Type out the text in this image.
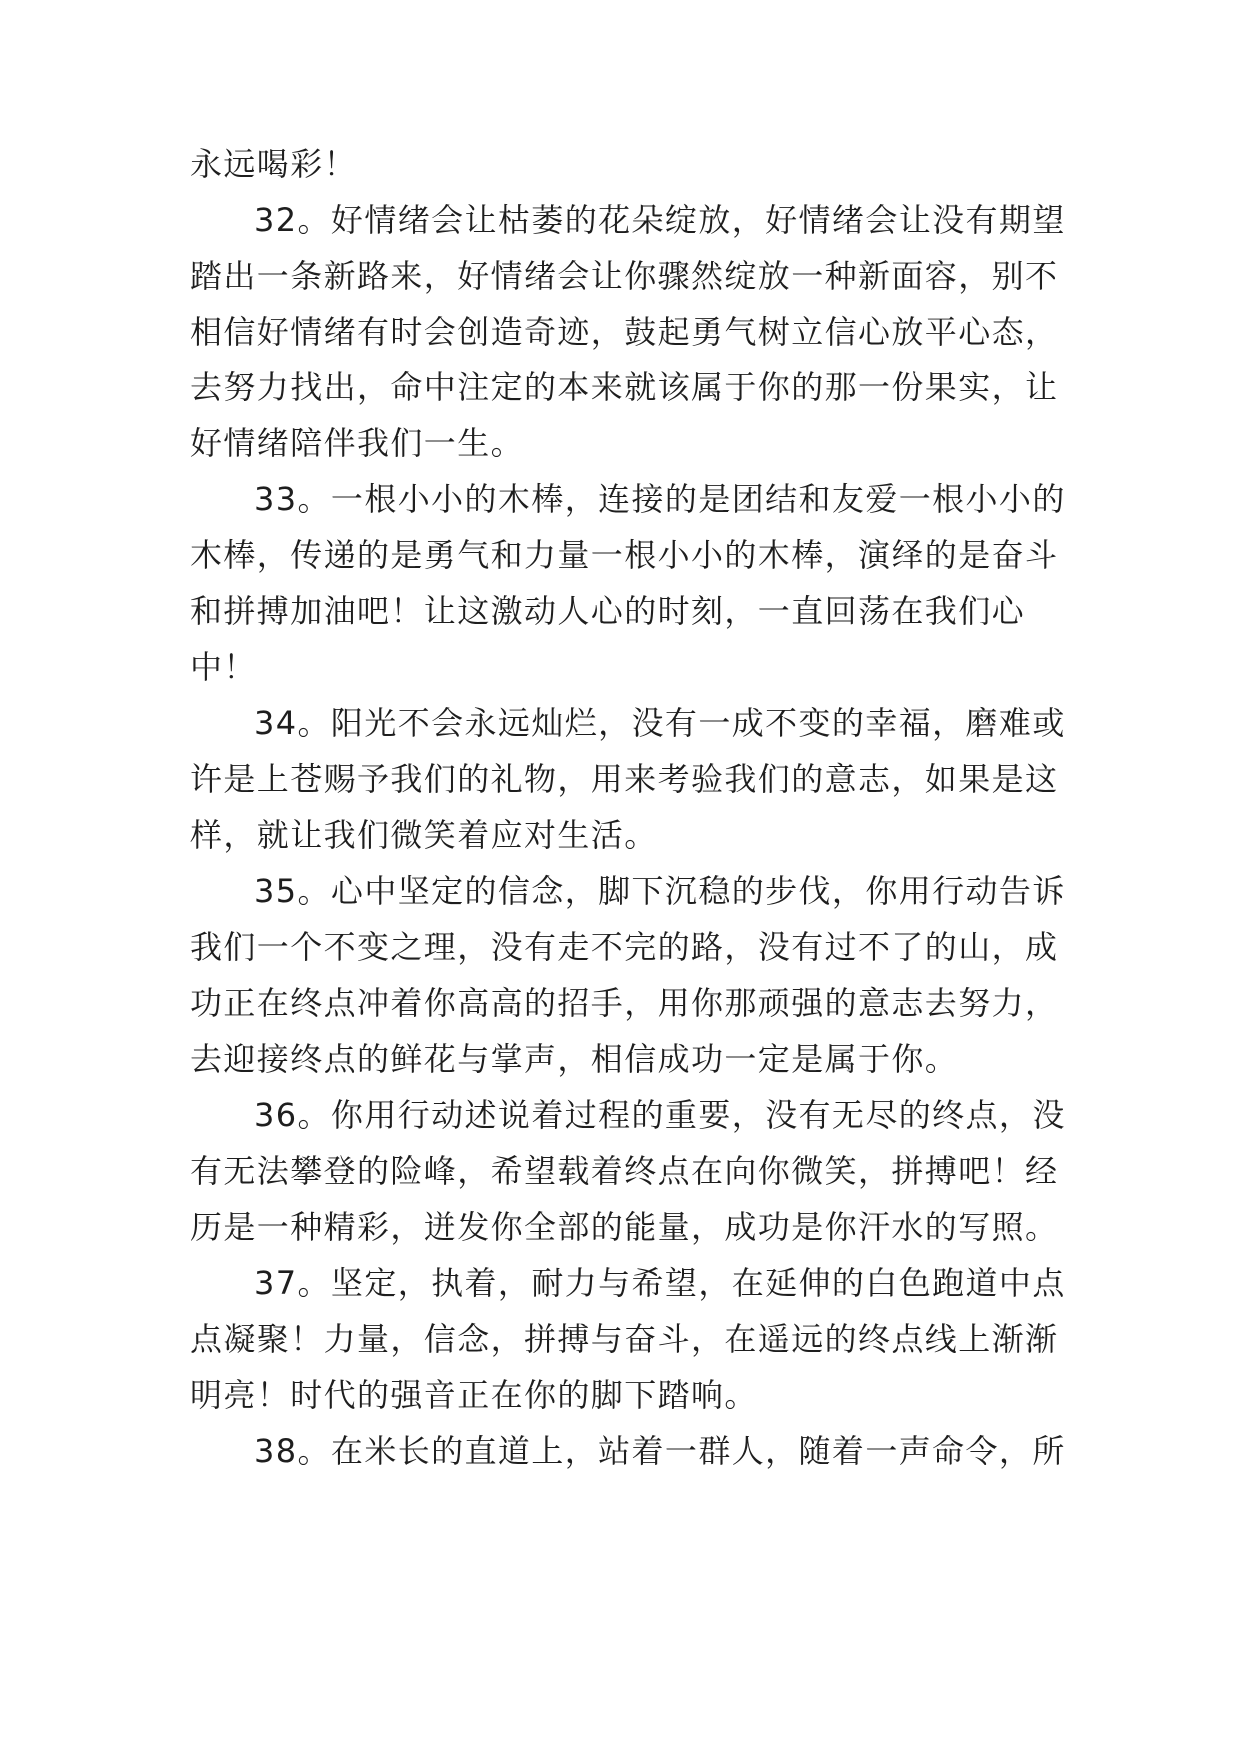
永远喝彩！
32。好情绪会让枯萎的花朵绽放，好情绪会让没有期望
踏出一条新路来，好情绪会让你骤然绽放一种新面容，别不
相信好情绪有时会创造奇迹，鼓起勇气树立信心放平心态，
去努力找出，命中注定的本来就该属于你的那一份果实，让
好情绪陪伴我们一生。
33。一根小小的木棒，连接的是团结和友爱一根小小的
木棒，传递的是勇气和力量一根小小的木棒，演绎的是奋斗
和拼搏加油吧！让这激动人心的时刻，一直回荡在我们心
中！
34。阳光不会永远灿烂，没有一成不变的幸福，磨难或
许是上苍赐予我们的礼物，用来考验我们的意志，如果是这
样，就让我们微笑着应对生活。
35。心中坚定的信念，脚下沉稳的步伐，你用行动告诉
我们一个不变之理，没有走不完的路，没有过不了的山，成
功正在终点冲着你高高的招手，用你那顽强的意志去努力，
去迎接终点的鲜花与掌声，相信成功一定是属于你。
36。你用行动述说着过程的重要，没有无尽的终点，没
有无法攀登的险峰，希望载着终点在向你微笑，拼搏吧！经
历是一种精彩，迸发你全部的能量，成功是你汗水的写照。
37。坚定，执着，耐力与希望，在延伸的白色跑道中点
点凝聚！力量，信念，拼搏与奋斗，在遥远的终点线上渐渐
明亮！时代的强音正在你的脚下踏响。
38。在米长的直道上，站着一群人，随着一声命令，所
